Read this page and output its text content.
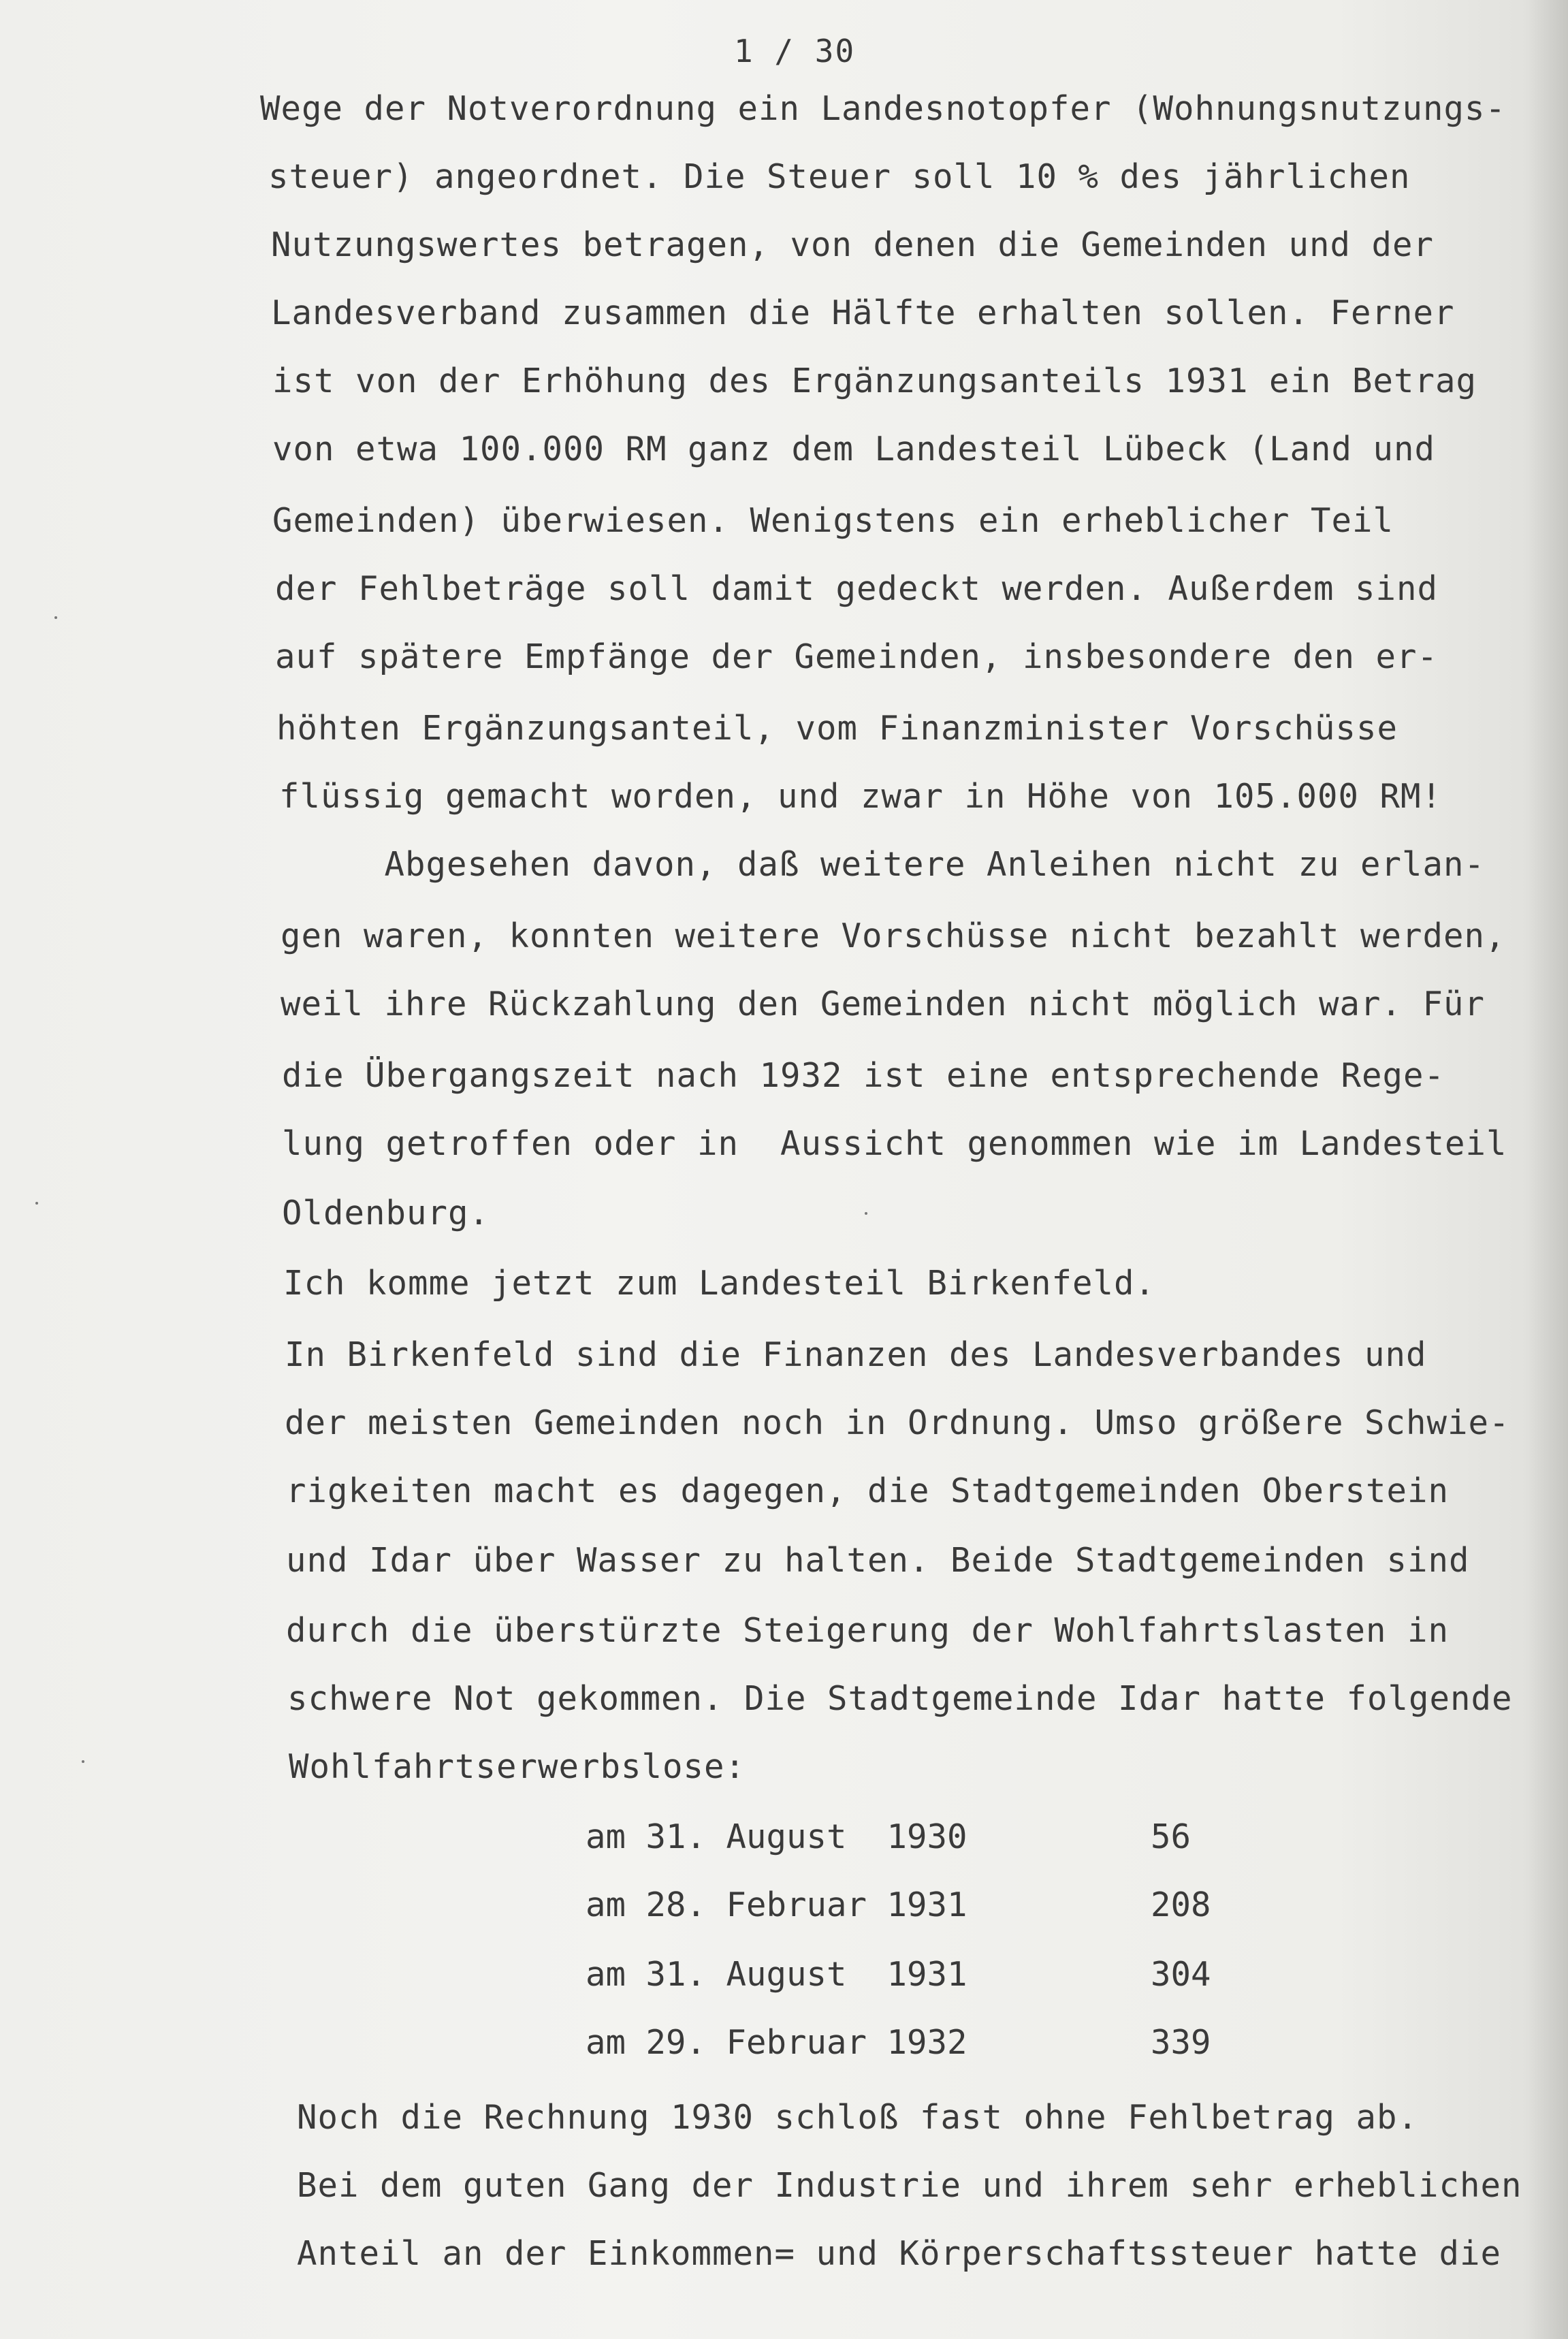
1 / 30
Wege der Notverordnung ein Landesnotopfer (Wohnungsnutzungs-
steuer) angeordnet. Die Steuer soll 10 % des jährlichen
Nutzungswertes betragen, von denen die Gemeinden und der
Landesverband zusammen die Hälfte erhalten sollen. Ferner
ist von der Erhöhung des Ergänzungsanteils 1931 ein Betrag
von etwa 100.000 RM ganz dem Landesteil Lübeck (Land und
Gemeinden) überwiesen. Wenigstens ein erheblicher Teil
der Fehlbeträge soll damit gedeckt werden. Außerdem sind
auf spätere Empfänge der Gemeinden, insbesondere den er-
höhten Ergänzungsanteil, vom Finanzminister Vorschüsse
flüssig gemacht worden, und zwar in Höhe von 105.000 RM!
Abgesehen davon, daß weitere Anleihen nicht zu erlan-
gen waren, konnten weitere Vorschüsse nicht bezahlt werden,
weil ihre Rückzahlung den Gemeinden nicht möglich war. Für
die Übergangszeit nach 1932 ist eine entsprechende Rege-
lung getroffen oder in  Aussicht genommen wie im Landesteil
Oldenburg.
Ich komme jetzt zum Landesteil Birkenfeld.
In Birkenfeld sind die Finanzen des Landesverbandes und
der meisten Gemeinden noch in Ordnung. Umso größere Schwie-
rigkeiten macht es dagegen, die Stadtgemeinden Oberstein
und Idar über Wasser zu halten. Beide Stadtgemeinden sind
durch die überstürzte Steigerung der Wohlfahrtslasten in
schwere Not gekommen. Die Stadtgemeinde Idar hatte folgende
Wohlfahrtserwerbslose:
am 31. August  1930	56
am 28. Februar 1931	208
am 31. August  1931	304
am 29. Februar 1932	339
Noch die Rechnung 1930 schloß fast ohne Fehlbetrag ab.
Bei dem guten Gang der Industrie und ihrem sehr erheblichen
Anteil an der Einkommen= und Körperschaftssteuer hatte die
